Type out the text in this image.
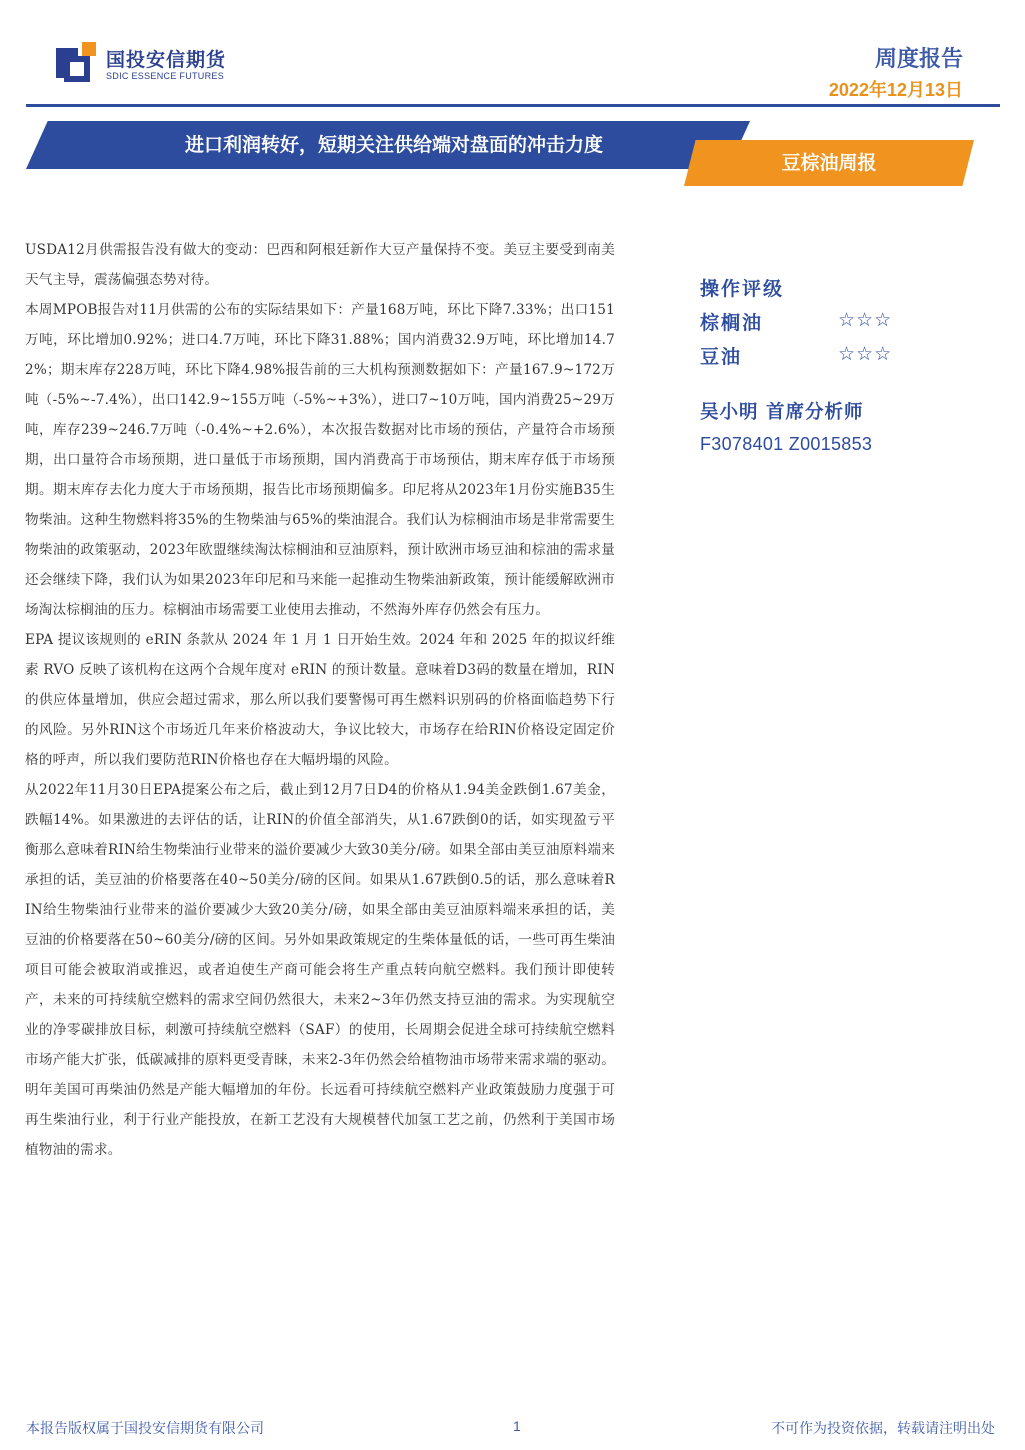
国投安信期货
SDIC ESSENCE FUTURES
周度报告
2022年12月13日
进口利润转好，短期关注供给端对盘面的冲击力度
豆棕油周报

USDA12月供需报告没有做大的变动：巴西和阿根廷新作大豆产量保持不变。美豆主要受到南美天气主导，震荡偏强态势对待。

本周MPOB报告对11月供需的公布的实际结果如下：产量168万吨，环比下降7.33%；出口151万吨，环比增加0.92%；进口4.7万吨，环比下降31.88%；国内消费32.9万吨，环比增加14.72%；期末库存228万吨，环比下降4.98%报告前的三大机构预测数据如下：产量167.9~172万吨（-5%~-7.4%），出口142.9~155万吨（-5%~+3%），进口7~10万吨，国内消费25~29万吨，库存239~246.7万吨（-0.4%~+2.6%），本次报告数据对比市场的预估，产量符合市场预期，出口量符合市场预期，进口量低于市场预期，国内消费高于市场预估，期末库存低于市场预期。期末库存去化力度大于市场预期，报告比市场预期偏多。印尼将从2023年1月份实施B35生物柴油。这种生物燃料将35%的生物柴油与65%的柴油混合。我们认为棕榈油市场是非常需要生物柴油的政策驱动，2023年欧盟继续淘汰棕榈油和豆油原料，预计欧洲市场豆油和棕油的需求量还会继续下降，我们认为如果2023年印尼和马来能一起推动生物柴油新政策，预计能缓解欧洲市场淘汰棕榈油的压力。棕榈油市场需要工业使用去推动，不然海外库存仍然会有压力。

EPA 提议该规则的 eRIN 条款从 2024 年 1 月 1 日开始生效。2024 年和 2025 年的拟议纤维素 RVO 反映了该机构在这两个合规年度对 eRIN 的预计数量。意味着D3码的数量在增加，RIN的供应体量增加，供应会超过需求，那么所以我们要警惕可再生燃料识别码的价格面临趋势下行的风险。另外RIN这个市场近几年来价格波动大，争议比较大，市场存在给RIN价格设定固定价格的呼声，所以我们要防范RIN价格也存在大幅坍塌的风险。

从2022年11月30日EPA提案公布之后，截止到12月7日D4的价格从1.94美金跌倒1.67美金，跌幅14%。如果激进的去评估的话，让RIN的价值全部消失，从1.67跌倒0的话，如实现盈亏平衡那么意味着RIN给生物柴油行业带来的溢价要减少大致30美分/磅。如果全部由美豆油原料端来承担的话，美豆油的价格要落在40~50美分/磅的区间。如果从1.67跌倒0.5的话，那么意味着RIN给生物柴油行业带来的溢价要减少大致20美分/磅，如果全部由美豆油原料端来承担的话，美豆油的价格要落在50~60美分/磅的区间。另外如果政策规定的生柴体量低的话，一些可再生柴油项目可能会被取消或推迟，或者迫使生产商可能会将生产重点转向航空燃料。我们预计即使转产，未来的可持续航空燃料的需求空间仍然很大，未来2~3年仍然支持豆油的需求。为实现航空业的净零碳排放目标，刺激可持续航空燃料（SAF）的使用，长周期会促进全球可持续航空燃料市场产能大扩张，低碳减排的原料更受青睐，未来2-3年仍然会给植物油市场带来需求端的驱动。明年美国可再柴油仍然是产能大幅增加的年份。长远看可持续航空燃料产业政策鼓励力度强于可再生柴油行业，利于行业产能投放，在新工艺没有大规模替代加氢工艺之前，仍然利于美国市场植物油的需求。

操作评级
棕榈油	☆☆☆
豆油	☆☆☆
吴小明 首席分析师
F3078401 Z0015853
本报告版权属于国投安信期货有限公司	1	不可作为投资依据，转载请注明出处
